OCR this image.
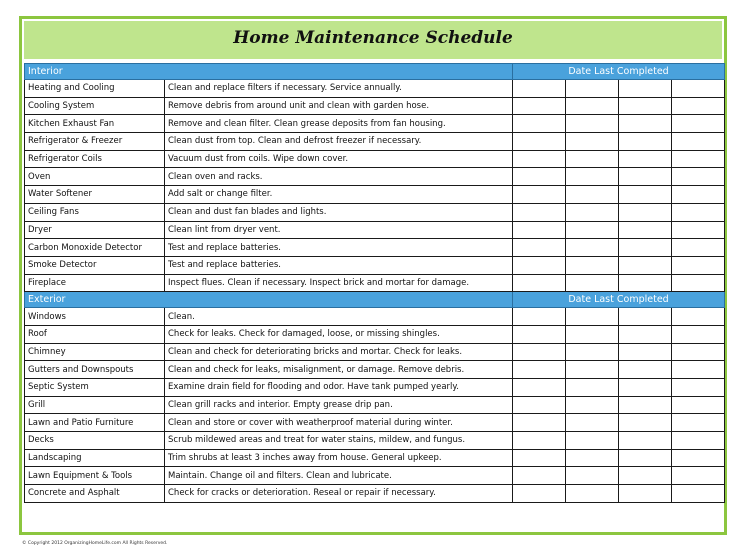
Home Maintenance Schedule
Interior		Date Last Completed			
Heating and Cooling	Clean and replace filters if necessary. Service annually.				
Cooling System	Remove debris from around unit and clean with garden hose.				
Kitchen Exhaust Fan	Remove and clean filter. Clean grease deposits from fan housing.				
Refrigerator & Freezer	Clean dust from top. Clean and defrost freezer if necessary.				
Refrigerator Coils	Vacuum dust from coils. Wipe down cover.				
Oven	Clean oven and racks.				
Water Softener	Add salt or change filter.				
Ceiling Fans	Clean and dust fan blades and lights.				
Dryer	Clean lint from dryer vent.				
Carbon Monoxide Detector	Test and replace batteries.				
Smoke Detector	Test and replace batteries.				
Fireplace	Inspect flues. Clean if necessary. Inspect brick and mortar for damage.				
Exterior		Date Last Completed			
Windows	Clean.				
Roof	Check for leaks. Check for damaged, loose, or missing shingles.				
Chimney	Clean and check for deteriorating bricks and mortar. Check for leaks.				
Gutters and Downspouts	Clean and check for leaks, misalignment, or damage. Remove debris.				
Septic System	Examine drain field for flooding and odor. Have tank pumped yearly.				
Grill	Clean grill racks and interior. Empty grease drip pan.				
Lawn and Patio Furniture	Clean and store or cover with weatherproof material during winter.				
Decks	Scrub mildewed areas and treat for water stains, mildew, and fungus.				
Landscaping	Trim shrubs at least 3 inches away from house. General upkeep.				
Lawn Equipment & Tools	Maintain. Change oil and filters. Clean and lubricate.				
Concrete and Asphalt	Check for cracks or deterioration. Reseal or repair if necessary.				
© Copyright 2012 OrganizingHomeLife.com All Rights Reserved.
